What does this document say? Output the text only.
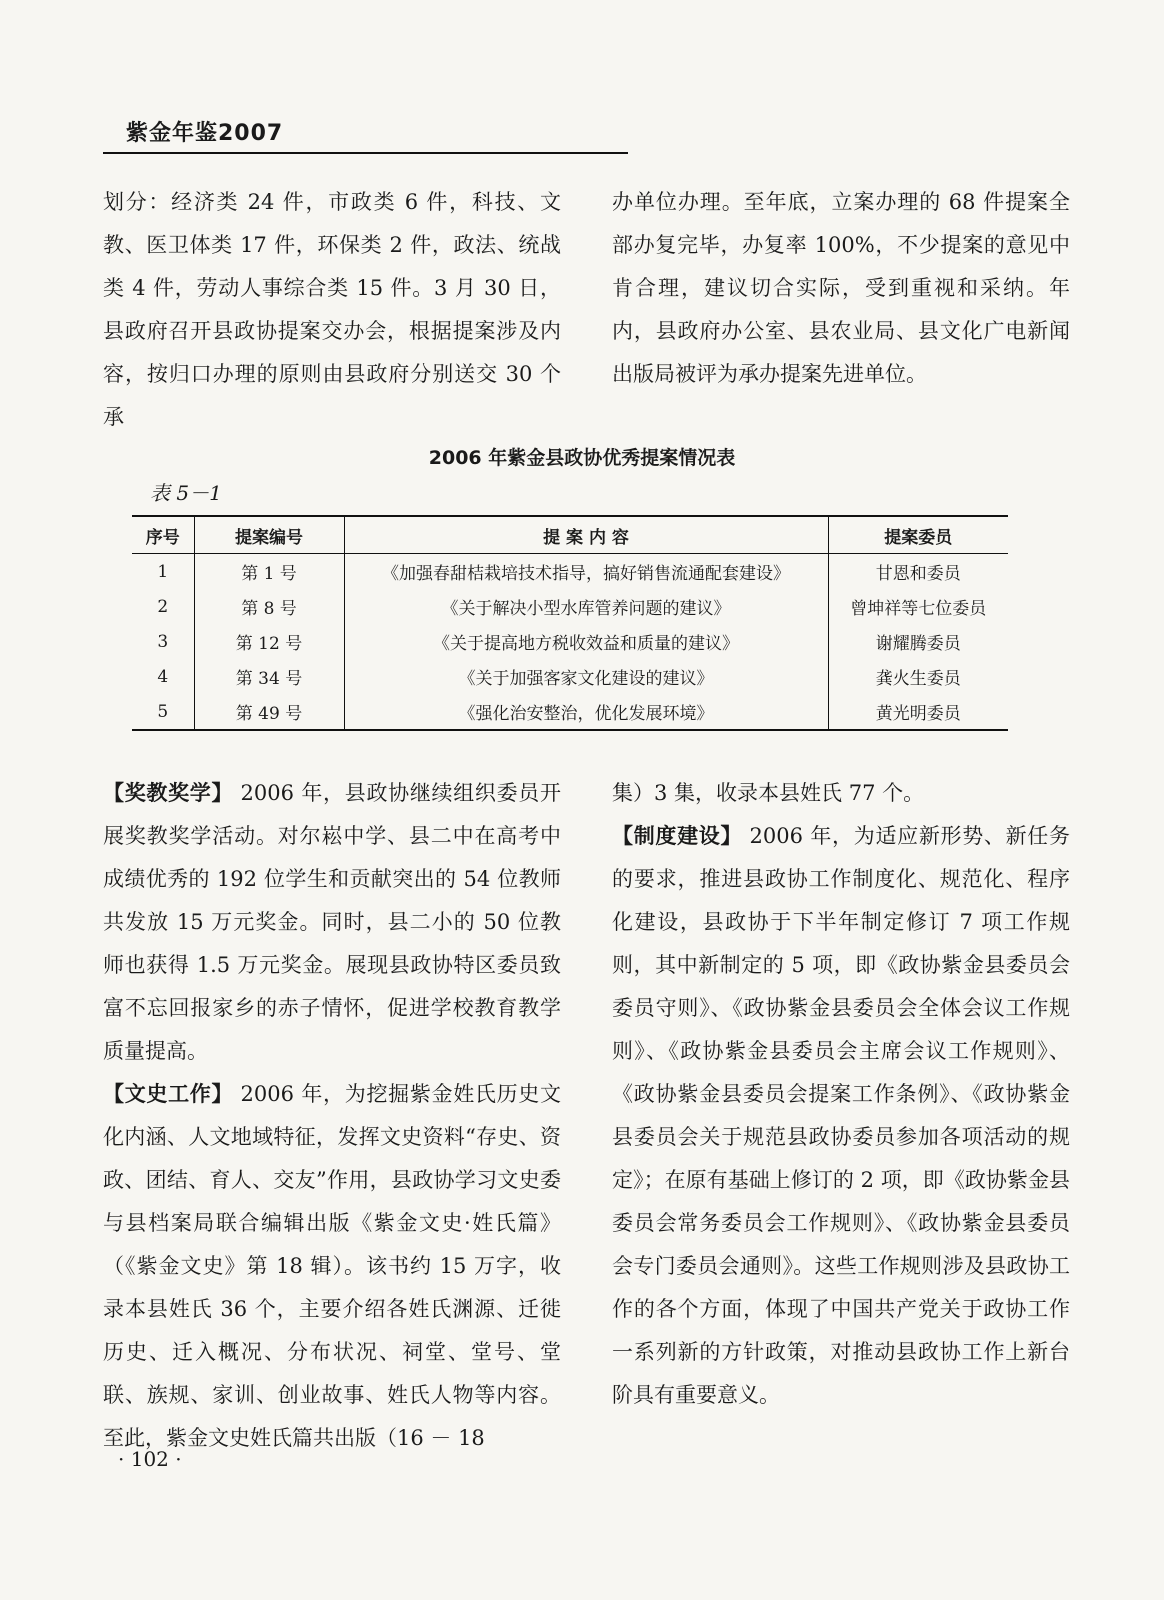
紫金年鉴2007

划分：经济类 24 件，市政类 6 件，科技、文教、医卫体类 17 件，环保类 2 件，政法、统战类 4 件，劳动人事综合类 15 件。3 月 30 日，县政府召开县政协提案交办会，根据提案涉及内容，按归口办理的原则由县政府分别送交 30 个承

办单位办理。至年底，立案办理的 68 件提案全部办复完毕，办复率 100%，不少提案的意见中肯合理，建议切合实际，受到重视和采纳。年内，县政府办公室、县农业局、县文化广电新闻出版局被评为承办提案先进单位。

2006 年紫金县政协优秀提案情况表
表 5－1
序号	提案编号	提 案 内 容	提案委员
1	第 1 号	《加强春甜桔栽培技术指导，搞好销售流通配套建设》	甘恩和委员
2	第 8 号	《关于解决小型水库管养问题的建议》	曾坤祥等七位委员
3	第 12 号	《关于提高地方税收效益和质量的建议》	谢耀腾委员
4	第 34 号	《关于加强客家文化建设的建议》	龚火生委员
5	第 49 号	《强化治安整治，优化发展环境》	黄光明委员

【奖教奖学】 2006 年，县政协继续组织委员开展奖教奖学活动。对尔崧中学、县二中在高考中成绩优秀的 192 位学生和贡献突出的 54 位教师共发放 15 万元奖金。同时，县二小的 50 位教师也获得 1.5 万元奖金。展现县政协特区委员致富不忘回报家乡的赤子情怀，促进学校教育教学质量提高。

【文史工作】 2006 年，为挖掘紫金姓氏历史文化内涵、人文地域特征，发挥文史资料“存史、资政、团结、育人、交友”作用，县政协学习文史委与县档案局联合编辑出版《紫金文史·姓氏篇》（《紫金文史》第 18 辑）。该书约 15 万字，收录本县姓氏 36 个，主要介绍各姓氏渊源、迁徙历史、迁入概况、分布状况、祠堂、堂号、堂联、族规、家训、创业故事、姓氏人物等内容。至此，紫金文史姓氏篇共出版（16 － 18

集）3 集，收录本县姓氏 77 个。

【制度建设】 2006 年，为适应新形势、新任务的要求，推进县政协工作制度化、规范化、程序化建设，县政协于下半年制定修订 7 项工作规则，其中新制定的 5 项，即《政协紫金县委员会委员守则》、《政协紫金县委员会全体会议工作规则》、《政协紫金县委员会主席会议工作规则》、《政协紫金县委员会提案工作条例》、《政协紫金县委员会关于规范县政协委员参加各项活动的规定》；在原有基础上修订的 2 项，即《政协紫金县委员会常务委员会工作规则》、《政协紫金县委员会专门委员会通则》。这些工作规则涉及县政协工作的各个方面，体现了中国共产党关于政协工作一系列新的方针政策，对推动县政协工作上新台阶具有重要意义。

· 102 ·
